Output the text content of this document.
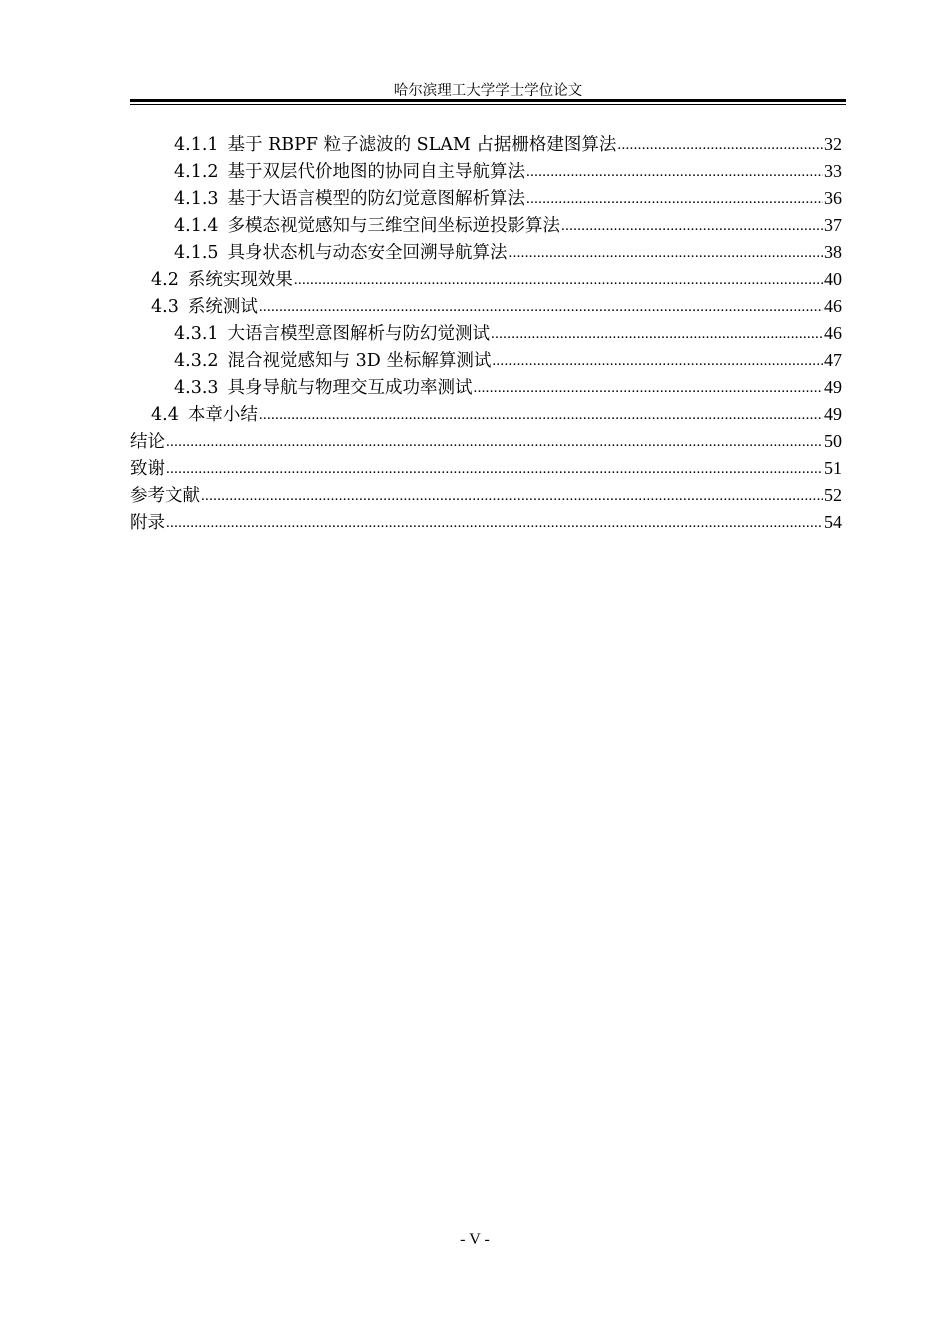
哈尔滨理工大学学士学位论文
4.1.1 基于 RBPF 粒子滤波的 SLAM 占据栅格建图算法 .....	32
4.1.2 基于双层代价地图的协同自主导航算法 .....	33
4.1.3 基于大语言模型的防幻觉意图解析算法 .....	36
4.1.4 多模态视觉感知与三维空间坐标逆投影算法 .....	37
4.1.5 具身状态机与动态安全回溯导航算法 .....	38
4.2 系统实现效果 .....	40
4.3 系统测试 .....	46
4.3.1 大语言模型意图解析与防幻觉测试 .....	46
4.3.2 混合视觉感知与 3D 坐标解算测试 .....	47
4.3.3 具身导航与物理交互成功率测试 .....	49
4.4 本章小结 .....	49
结论 .....	50
致谢 .....	51
参考文献 .....	52
附录 .....	54
- V -
